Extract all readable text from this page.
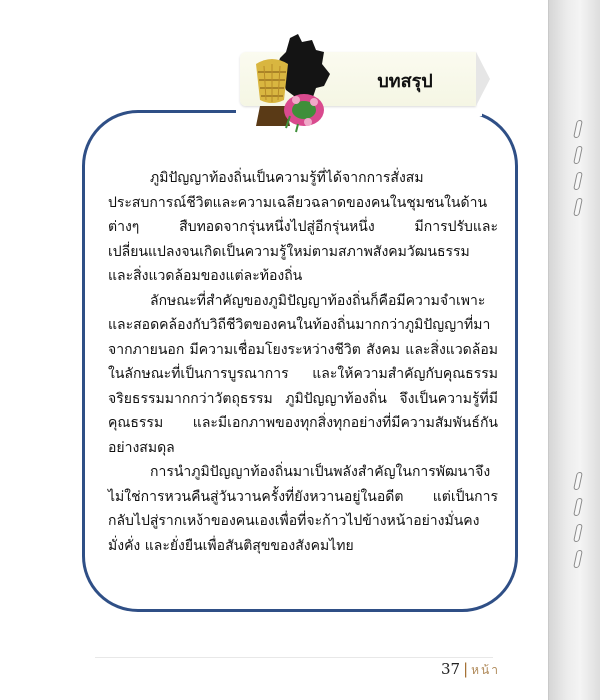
บทสรุป

ภูมิปัญญาท้องถิ่นเป็นความรู้ที่ได้จากการสั่งสมประสบการณ์ชีวิตและความเฉลียวฉลาดของคนในชุมชนในด้านต่างๆ สืบทอดจากรุ่นหนึ่งไปสู่อีกรุ่นหนึ่ง มีการปรับและเปลี่ยนแปลงจนเกิดเป็นความรู้ใหม่ตามสภาพสังคมวัฒนธรรม และสิ่งแวดล้อมของแต่ละท้องถิ่น

ลักษณะที่สำคัญของภูมิปัญญาท้องถิ่นก็คือมีความจำเพาะและสอดคล้องกับวิถีชีวิตของคนในท้องถิ่นมากกว่าภูมิปัญญาที่มาจากภายนอก มีความเชื่อมโยงระหว่างชีวิต สังคม และสิ่งแวดล้อมในลักษณะที่เป็นการบูรณาการ และให้ความสำคัญกับคุณธรรมจริยธรรมมากกว่าวัตถุธรรม ภูมิปัญญาท้องถิ่น จึงเป็นความรู้ที่มีคุณธรรม และมีเอกภาพของทุกสิ่งทุกอย่างที่มีความสัมพันธ์กันอย่างสมดุล

การนำภูมิปัญญาท้องถิ่นมาเป็นพลังสำคัญในการพัฒนาจึงไม่ใช่การหวนคืนสู่วันวานครั้งที่ยังหวานอยู่ในอดีต แต่เป็นการกลับไปสู่รากเหง้าของคนเองเพื่อที่จะก้าวไปข้างหน้าอย่างมั่นคง มั่งคั่ง และยั่งยืนเพื่อสันติสุขของสังคมไทย

37 | หน้า
